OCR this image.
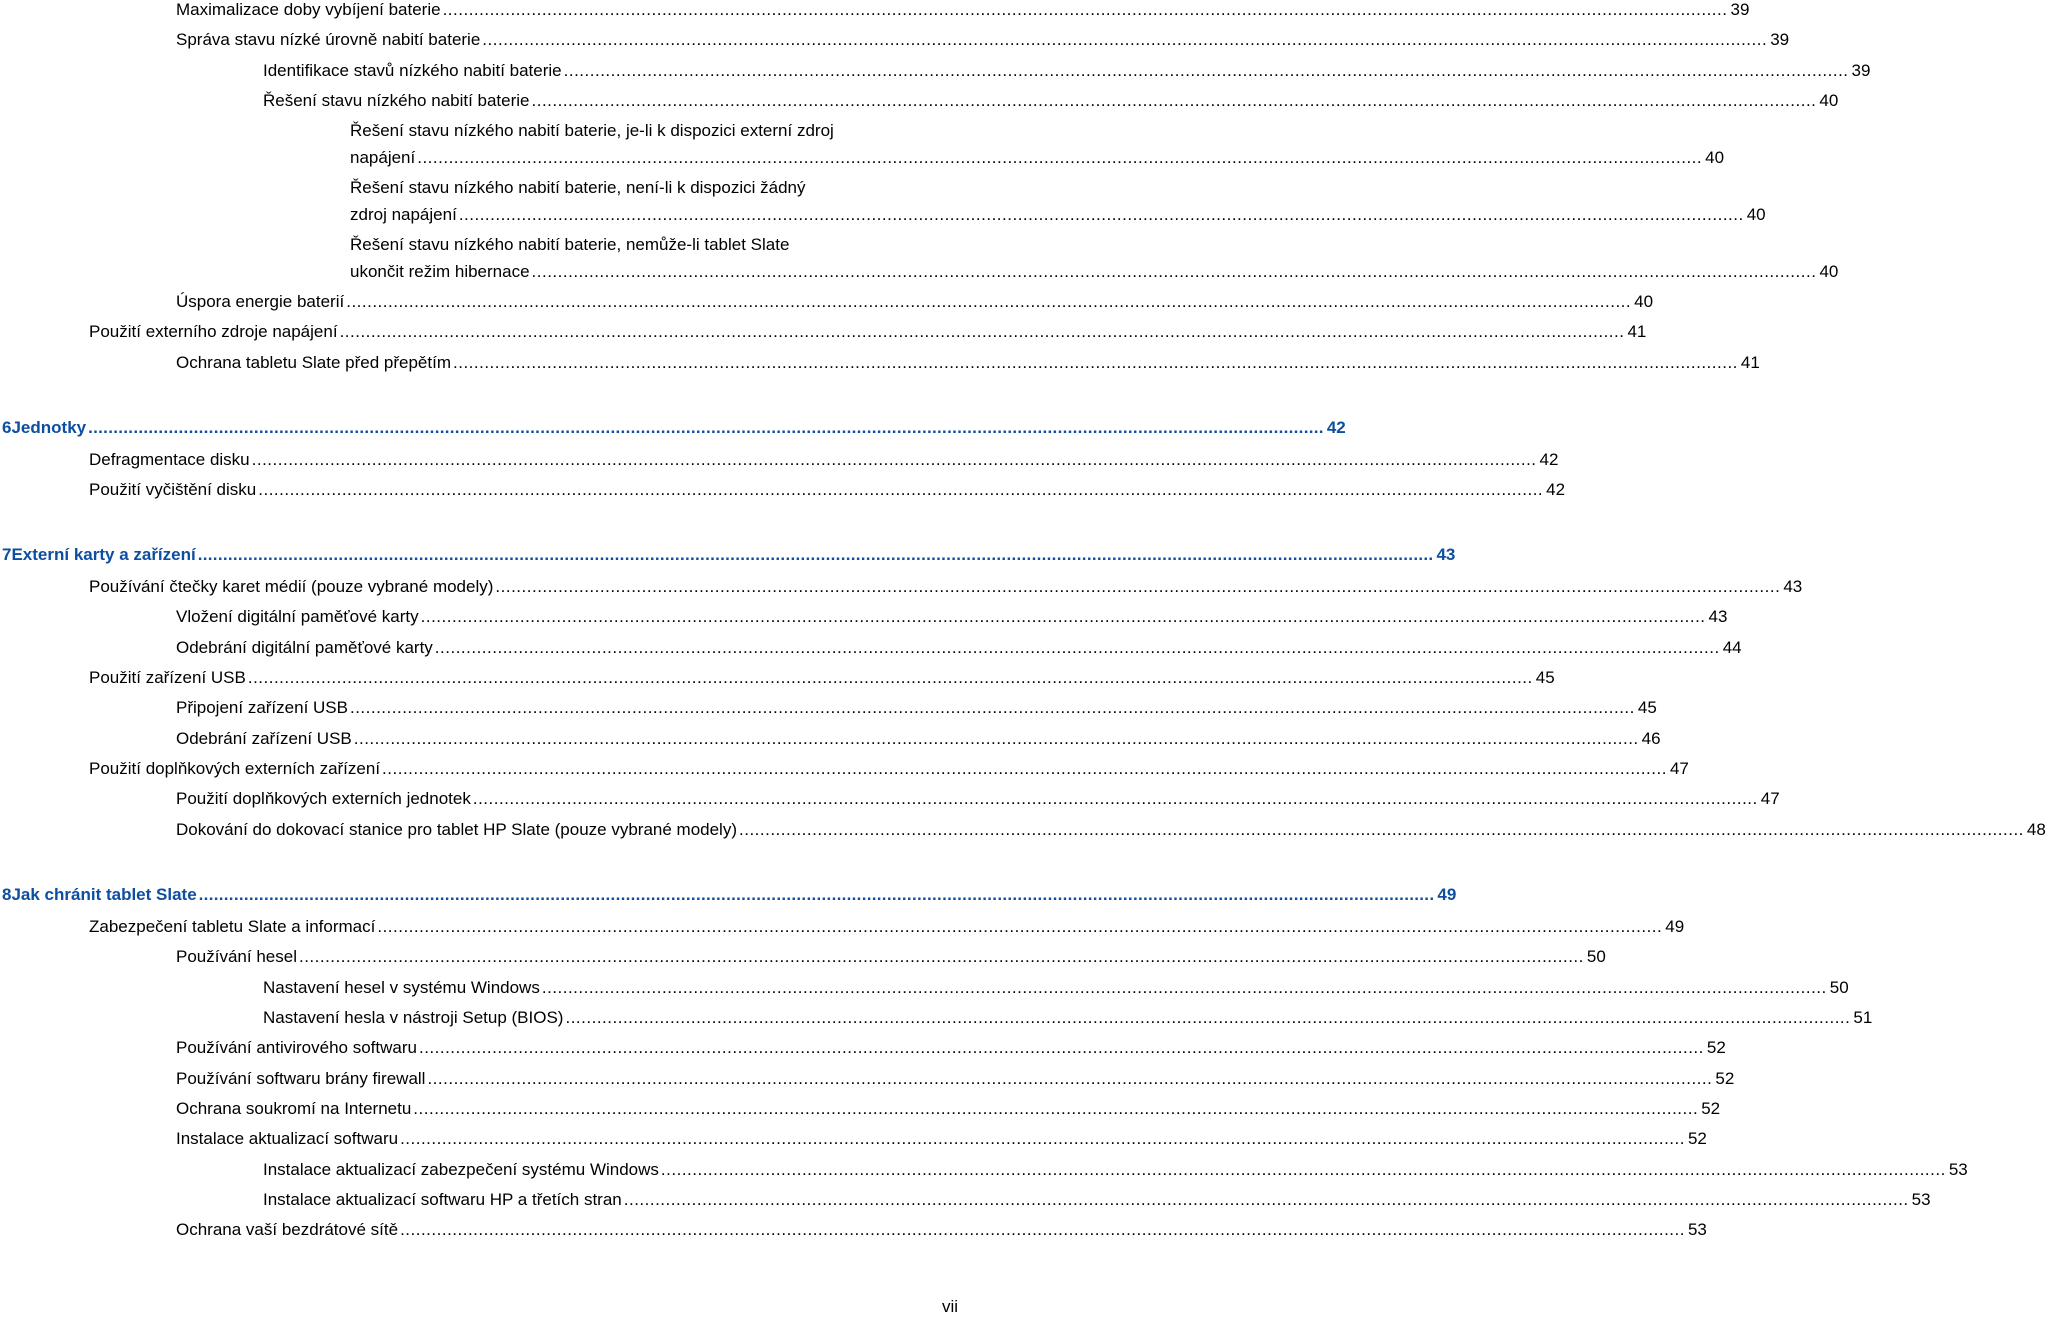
Maximalizace doby vybíjení baterie .....	39
Správa stavu nízké úrovně nabití baterie .....	39
Identifikace stavů nízkého nabití baterie .....	39
Řešení stavu nízkého nabití baterie .....	40
Řešení stavu nízkého nabití baterie, je-li k dispozici externí zdroj
napájení .....	40
Řešení stavu nízkého nabití baterie, není-li k dispozici žádný
zdroj napájení .....	40
Řešení stavu nízkého nabití baterie, nemůže-li tablet Slate
ukončit režim hibernace .....	40
Úspora energie baterií .....	40
Použití externího zdroje napájení .....	41
Ochrana tabletu Slate před přepětím .....	41
6 Jednotky .....	42
Defragmentace disku .....	42
Použití vyčištění disku .....	42
7 Externí karty a zařízení .....	43
Používání čtečky karet médií (pouze vybrané modely) .....	43
Vložení digitální paměťové karty .....	43
Odebrání digitální paměťové karty .....	44
Použití zařízení USB .....	45
Připojení zařízení USB .....	45
Odebrání zařízení USB .....	46
Použití doplňkových externích zařízení .....	47
Použití doplňkových externích jednotek .....	47
Dokování do dokovací stanice pro tablet HP Slate (pouze vybrané modely) .....	48
8 Jak chránit tablet Slate .....	49
Zabezpečení tabletu Slate a informací .....	49
Používání hesel .....	50
Nastavení hesel v systému Windows .....	50
Nastavení hesla v nástroji Setup (BIOS) .....	51
Používání antivirového softwaru .....	52
Používání softwaru brány firewall .....	52
Ochrana soukromí na Internetu .....	52
Instalace aktualizací softwaru .....	52
Instalace aktualizací zabezpečení systému Windows .....	53
Instalace aktualizací softwaru HP a třetích stran .....	53
Ochrana vaší bezdrátové sítě .....	53
vii
